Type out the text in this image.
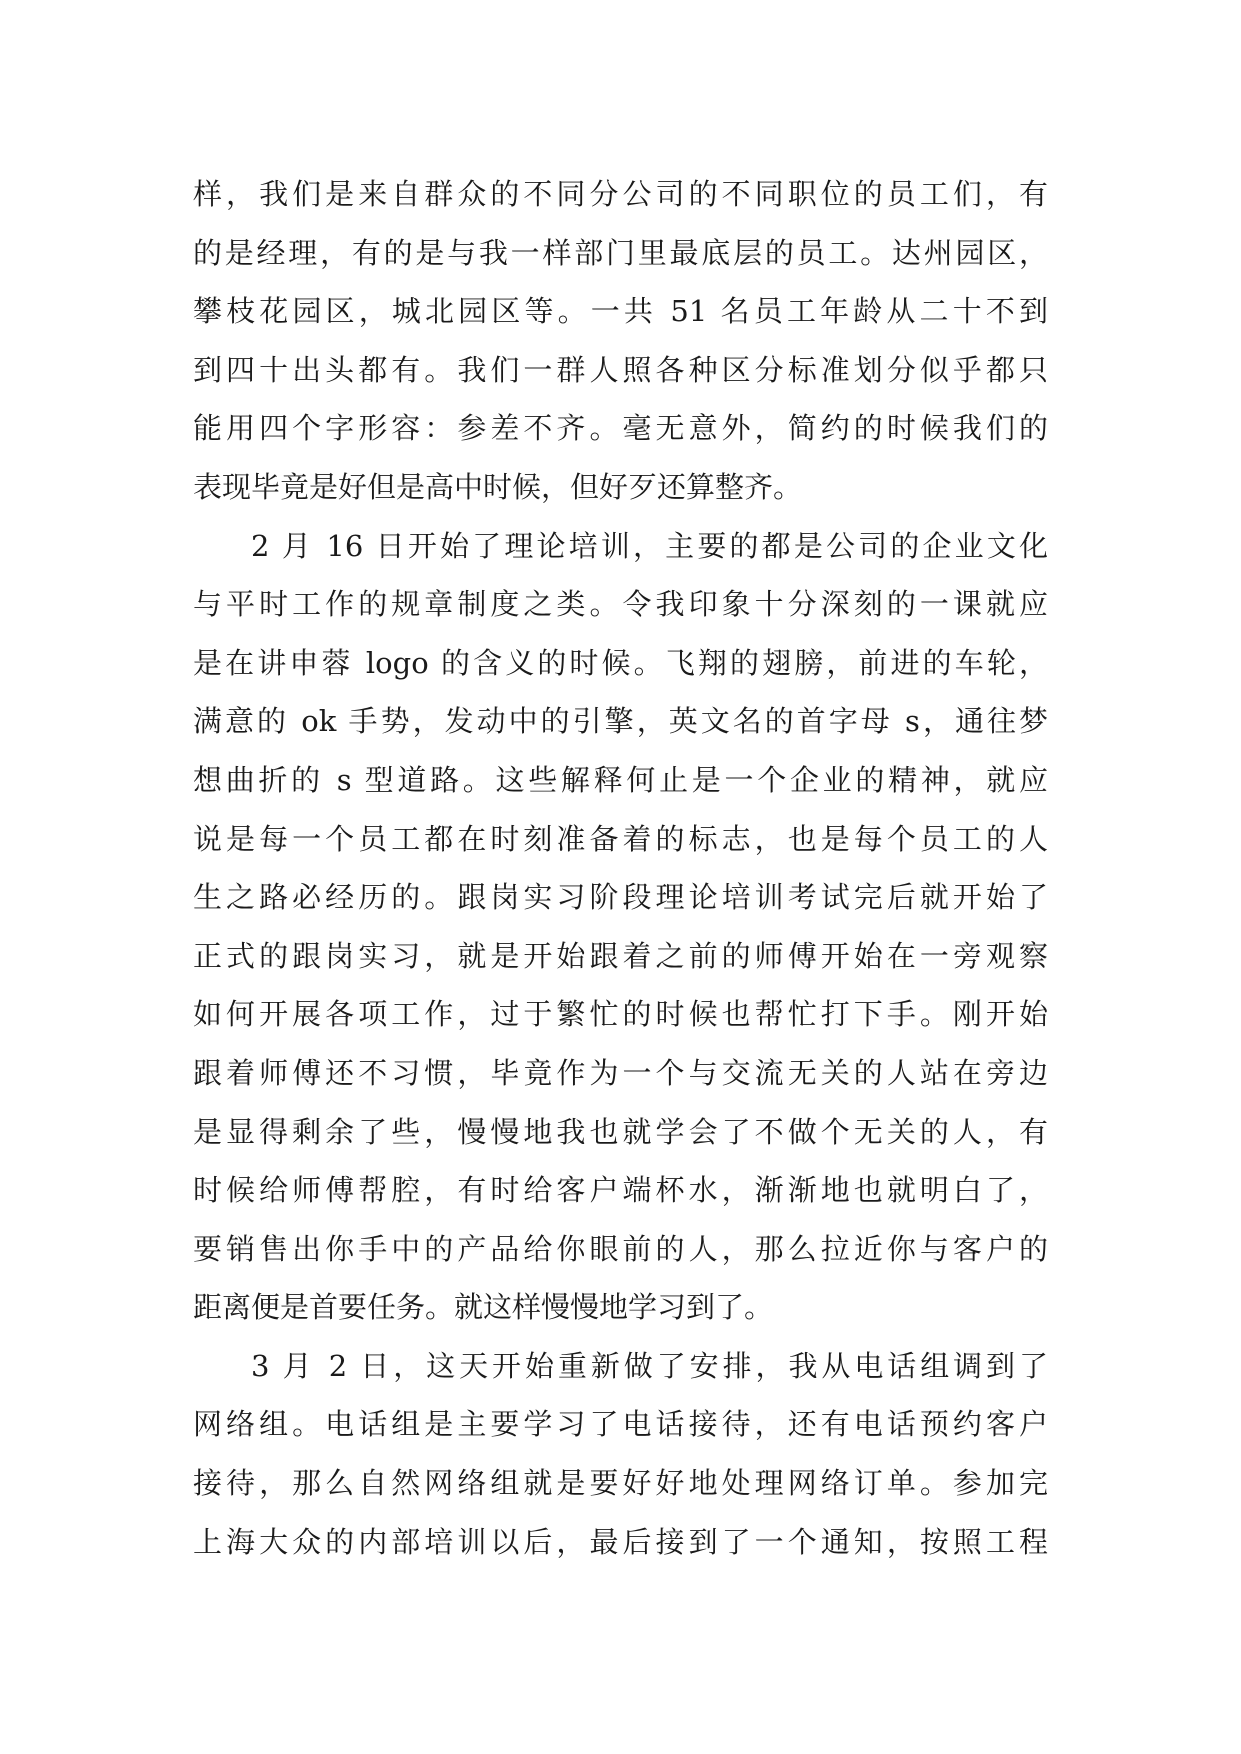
样，我们是来自群众的不同分公司的不同职位的员工们，有
的是经理，有的是与我一样部门里最底层的员工。达州园区，
攀枝花园区，城北园区等。一共 51 名员工年龄从二十不到
到四十出头都有。我们一群人照各种区分标准划分似乎都只
能用四个字形容：参差不齐。毫无意外，简约的时候我们的
表现毕竟是好但是高中时候，但好歹还算整齐。
2 月 16 日开始了理论培训，主要的都是公司的企业文化
与平时工作的规章制度之类。令我印象十分深刻的一课就应
是在讲申蓉 logo 的含义的时候。飞翔的翅膀，前进的车轮，
满意的 ok 手势，发动中的引擎，英文名的首字母 s，通往梦
想曲折的 s 型道路。这些解释何止是一个企业的精神，就应
说是每一个员工都在时刻准备着的标志，也是每个员工的人
生之路必经历的。跟岗实习阶段理论培训考试完后就开始了
正式的跟岗实习，就是开始跟着之前的师傅开始在一旁观察
如何开展各项工作，过于繁忙的时候也帮忙打下手。刚开始
跟着师傅还不习惯，毕竟作为一个与交流无关的人站在旁边
是显得剩余了些，慢慢地我也就学会了不做个无关的人，有
时候给师傅帮腔，有时给客户端杯水，渐渐地也就明白了，
要销售出你手中的产品给你眼前的人，那么拉近你与客户的
距离便是首要任务。就这样慢慢地学习到了。
3 月 2 日，这天开始重新做了安排，我从电话组调到了
网络组。电话组是主要学习了电话接待，还有电话预约客户
接待，那么自然网络组就是要好好地处理网络订单。参加完
上海大众的内部培训以后，最后接到了一个通知，按照工程
